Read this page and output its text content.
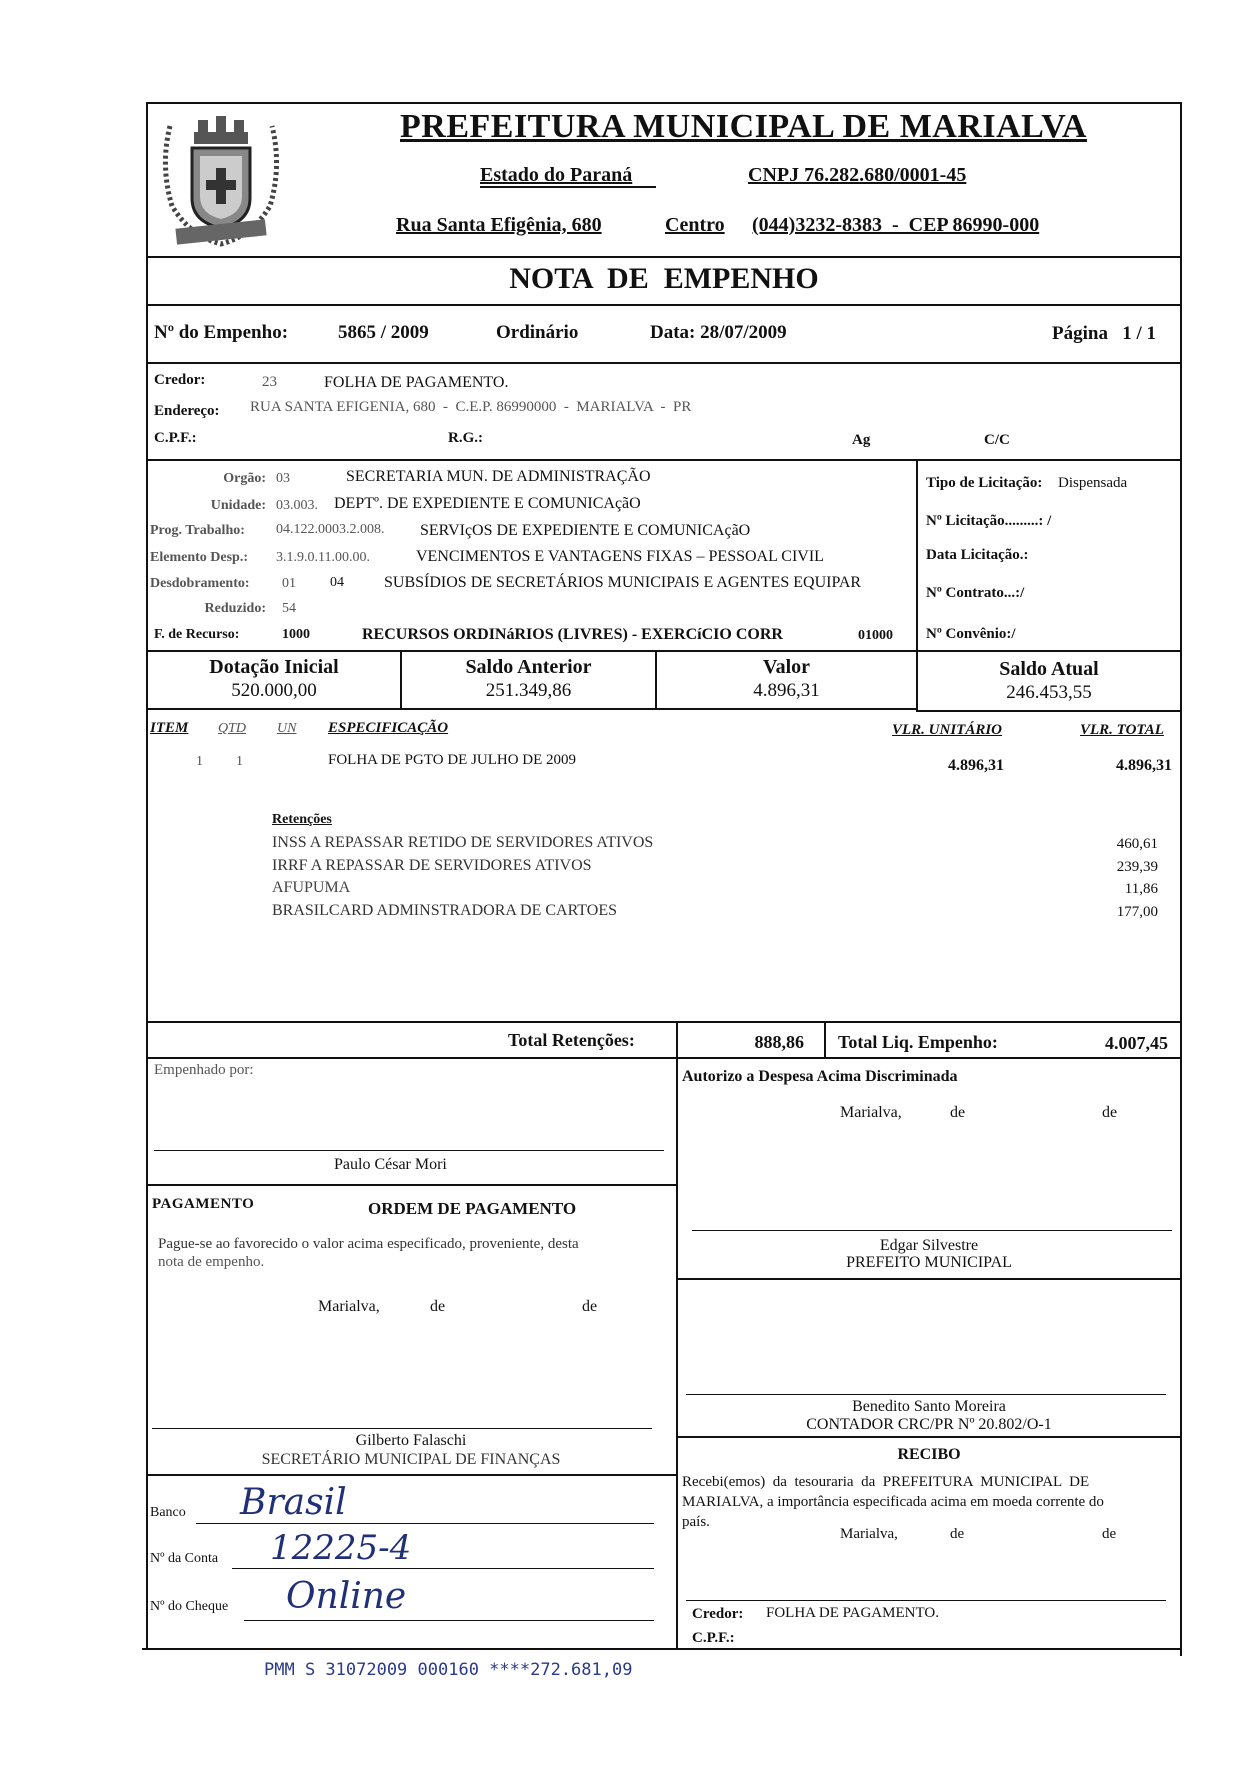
PREFEITURA MUNICIPAL DE MARIALVA
Estado do Paraná	CNPJ 76.282.680/0001-45
Rua Santa Efigênia, 680	Centro (044)3232-8383  -  CEP 86990-000
NOTA  DE  EMPENHO
Nº do Empenho:	5865 / 2009	Ordinário	Data: 28/07/2009	Página   1 / 1
Credor:	23	FOLHA DE PAGAMENTO.
Endereço: RUA SANTA EFIGENIA, 680  -  C.E.P. 86990000  -  MARIALVA  -  PR
C.P.F.:	R.G.:	Ag	C/C
Orgão: 03	SECRETARIA MUN. DE ADMINISTRAÇÃO
Unidade: 03.003. DEPTº. DE EXPEDIENTE E COMUNICAçãO
Prog. Trabalho: 04.122.0003.2.008. SERVIçOS DE EXPEDIENTE E COMUNICAçãO
Elemento Desp.: 3.1.9.0.11.00.00.	VENCIMENTOS E VANTAGENS FIXAS – PESSOAL CIVIL
Desdobramento: 01 04	SUBSÍDIOS DE SECRETÁRIOS MUNICIPAIS E AGENTES EQUIPAR
Reduzido: 54
F. de Recurso:	1000	RECURSOS ORDINáRIOS (LIVRES) - EXERCíCIO CORR	01000
Tipo de Licitação: Dispensada
Nº Licitação.........: /
Data Licitação.:
Nº Contrato...:/
Nº Convênio:/
Dotação Inicial
520.000,00
Saldo Anterior
251.349,86
Valor
4.896,31
Saldo Atual
246.453,55
ITEM QTD UN ESPECIFICAÇÃO	VLR. UNITÁRIO	VLR. TOTAL
1 1	FOLHA DE PGTO DE JULHO DE 2009	4.896,31	4.896,31
Retenções
INSS A REPASSAR RETIDO DE SERVIDORES ATIVOS	460,61
IRRF A REPASSAR DE SERVIDORES ATIVOS	239,39
AFUPUMA	11,86
BRASILCARD ADMINSTRADORA DE CARTOES	177,00
Total Retenções:	888,86 Total Liq. Empenho:	4.007,45
Empenhado por:
Paulo César Mori
Autorizo a Despesa Acima Discriminada
Marialva,	de	de
Edgar Silvestre
PREFEITO MUNICIPAL
PAGAMENTO	ORDEM DE PAGAMENTO
Pague-se ao favorecido o valor acima especificado, proveniente, desta
nota de empenho.
Marialva,	de	de
Gilberto Falaschi
SECRETÁRIO MUNICIPAL DE FINANÇAS
Benedito Santo Moreira
CONTADOR CRC/PR Nº 20.802/O-1
Banco Brasil
Nº da Conta 12225-4
Nº do Cheque Online
RECIBO
Recebi(emos)  da  tesouraria  da  PREFEITURA  MUNICIPAL  DE
MARIALVA, a importância especificada acima em moeda corrente do
país.
Marialva,	de	de
Credor: FOLHA DE PAGAMENTO.
C.P.F.:
PMM S 31072009 000160 ****272.681,09
